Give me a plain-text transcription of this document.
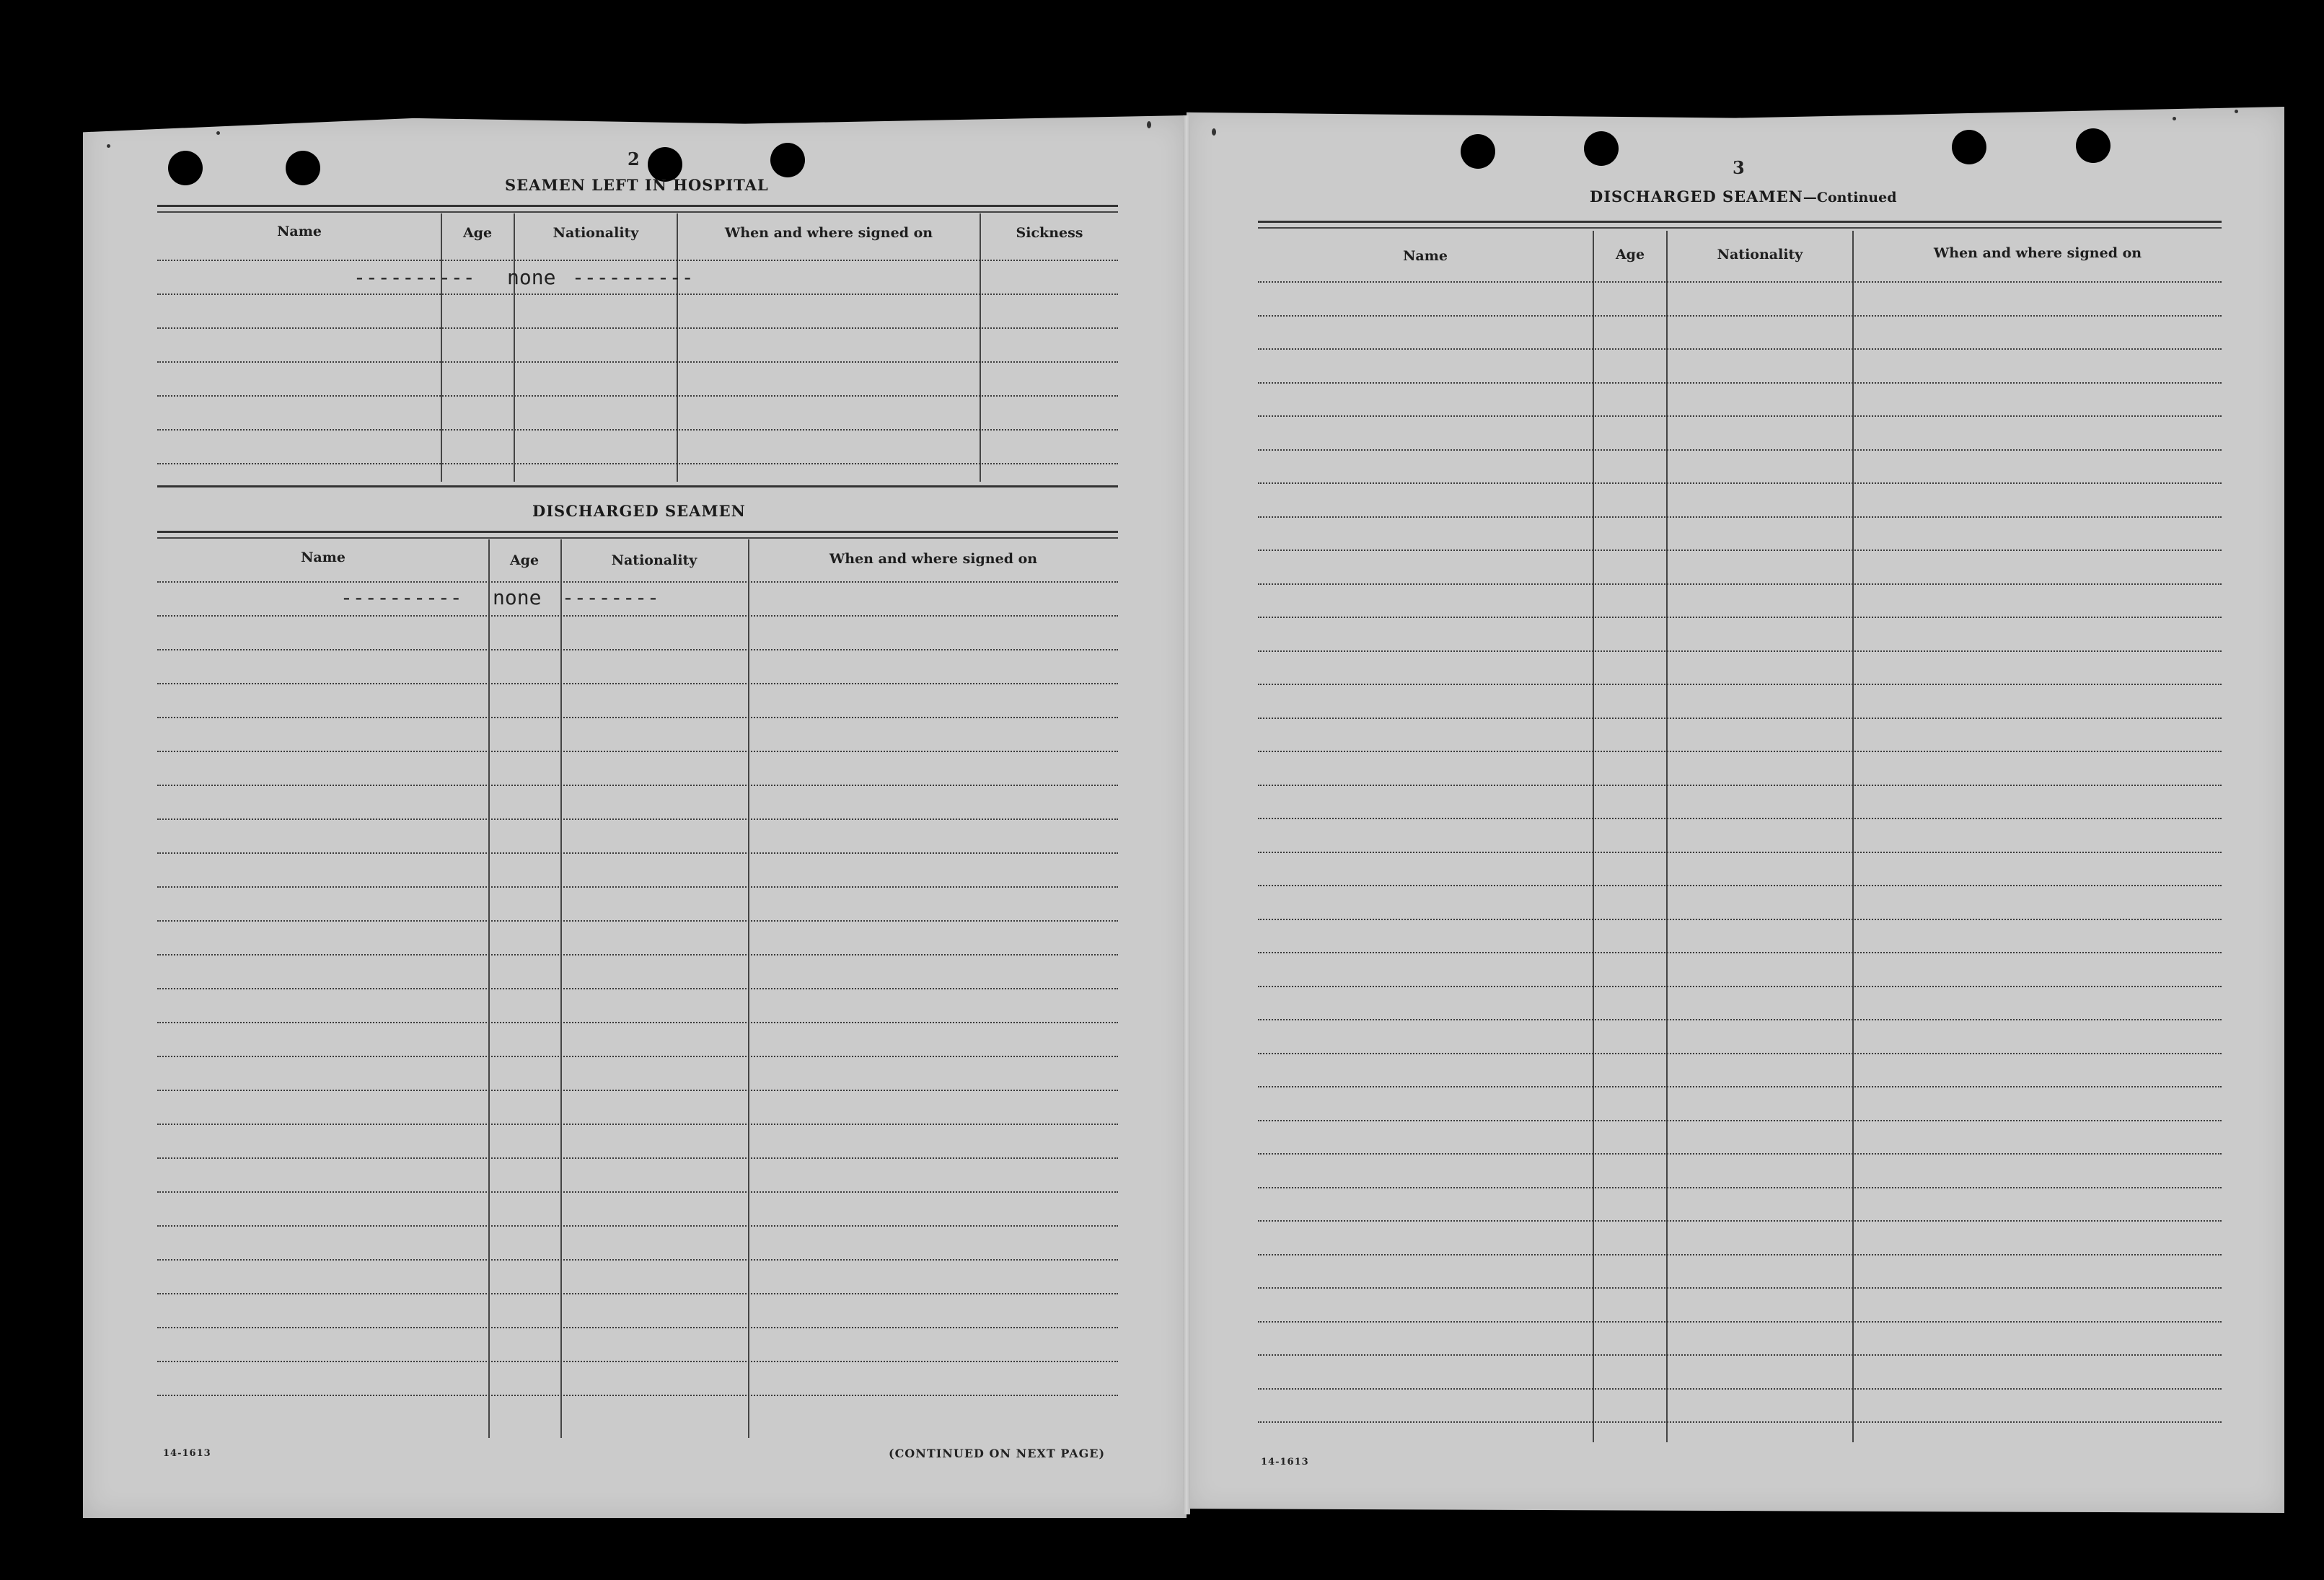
2
SEAMEN LEFT IN HOSPITAL
Name	Age	Nationality	When and where signed on	Sickness
---------- none ----------
DISCHARGED SEAMEN
Name	Age	Nationality	When and where signed on
---------- none --------
14-1613	(CONTINUED ON NEXT PAGE)
3
DISCHARGED SEAMEN—Continued
Name	Age	Nationality	When and where signed on
14-1613
